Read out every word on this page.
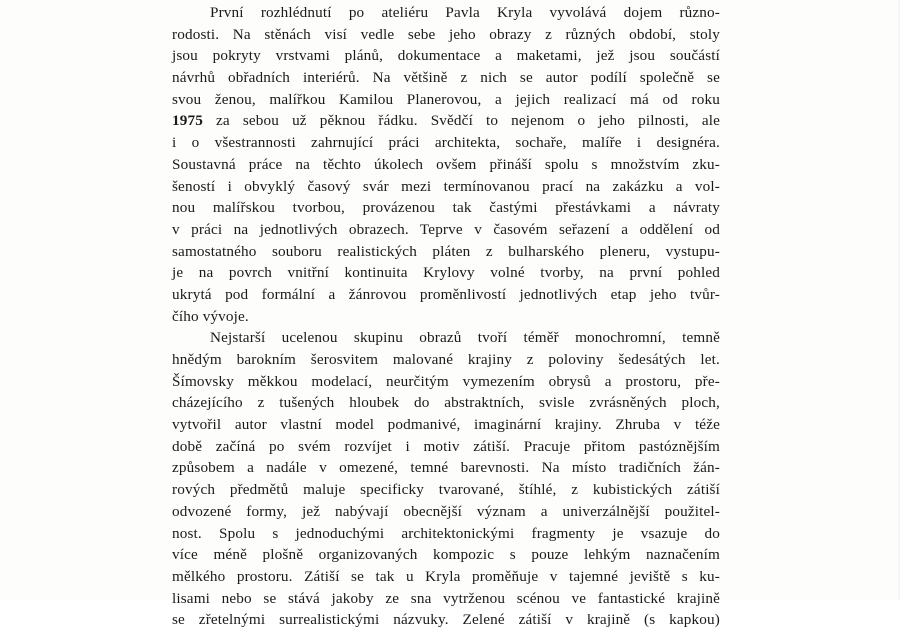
První rozhlédnutí po ateliéru Pavla Kryla vyvolává dojem různo-
rodosti. Na stěnách visí vedle sebe jeho obrazy z různých období, stoly
jsou pokryty vrstvami plánů, dokumentace a maketami, jež jsou součástí
návrhů obřadních interiérů. Na většině z nich se autor podílí společně se
svou ženou, malířkou Kamilou Planerovou, a jejich realizací má od roku
1975 za sebou už pěknou řádku. Svědčí to nejenom o jeho pilnosti, ale
i o všestrannosti zahrnující práci architekta, sochaře, malíře i designéra.
Soustavná práce na těchto úkolech ovšem přináší spolu s množstvím zku-
šeností i obvyklý časový svár mezi termínovanou prací na zakázku a vol-
nou malířskou tvorbou, provázenou tak častými přestávkami a návraty
v práci na jednotlivých obrazech. Teprve v časovém seřazení a oddělení od
samostatného souboru realistických pláten z bulharského pleneru, vystupu-
je na povrch vnitřní kontinuita Krylovy volné tvorby, na první pohled
ukrytá pod formální a žánrovou proměnlivostí jednotlivých etap jeho tvůr-
čího vývoje.
Nejstarší ucelenou skupinu obrazů tvoří téměř monochromní, temně
hnědým barokním šerosvitem malované krajiny z poloviny šedesátých let.
Šímovsky měkkou modelací, neurčitým vymezením obrysů a prostoru, pře-
cházejícího z tušených hloubek do abstraktních, svisle zvrásněných ploch,
vytvořil autor vlastní model podmanivé, imaginární krajiny. Zhruba v téže
době začíná po svém rozvíjet i motiv zátiší. Pracuje přitom pastóznějším
způsobem a nadále v omezené, temné barevnosti. Na místo tradičních žán-
rových předmětů maluje specificky tvarované, štíhlé, z kubistických zátiší
odvozené formy, jež nabývají obecnější význam a univerzálnější použitel-
nost. Spolu s jednoduchými architektonickými fragmenty je vsazuje do
více méně plošně organizovaných kompozic s pouze lehkým naznačením
mělkého prostoru. Zátiší se tak u Kryla proměňuje v tajemné jeviště s ku-
lisami nebo se stává jakoby ze sna vytrženou scénou ve fantastické krajině
se zřetelnými surrealistickými názvuky. Zelené zátiší v krajině (s kapkou)
